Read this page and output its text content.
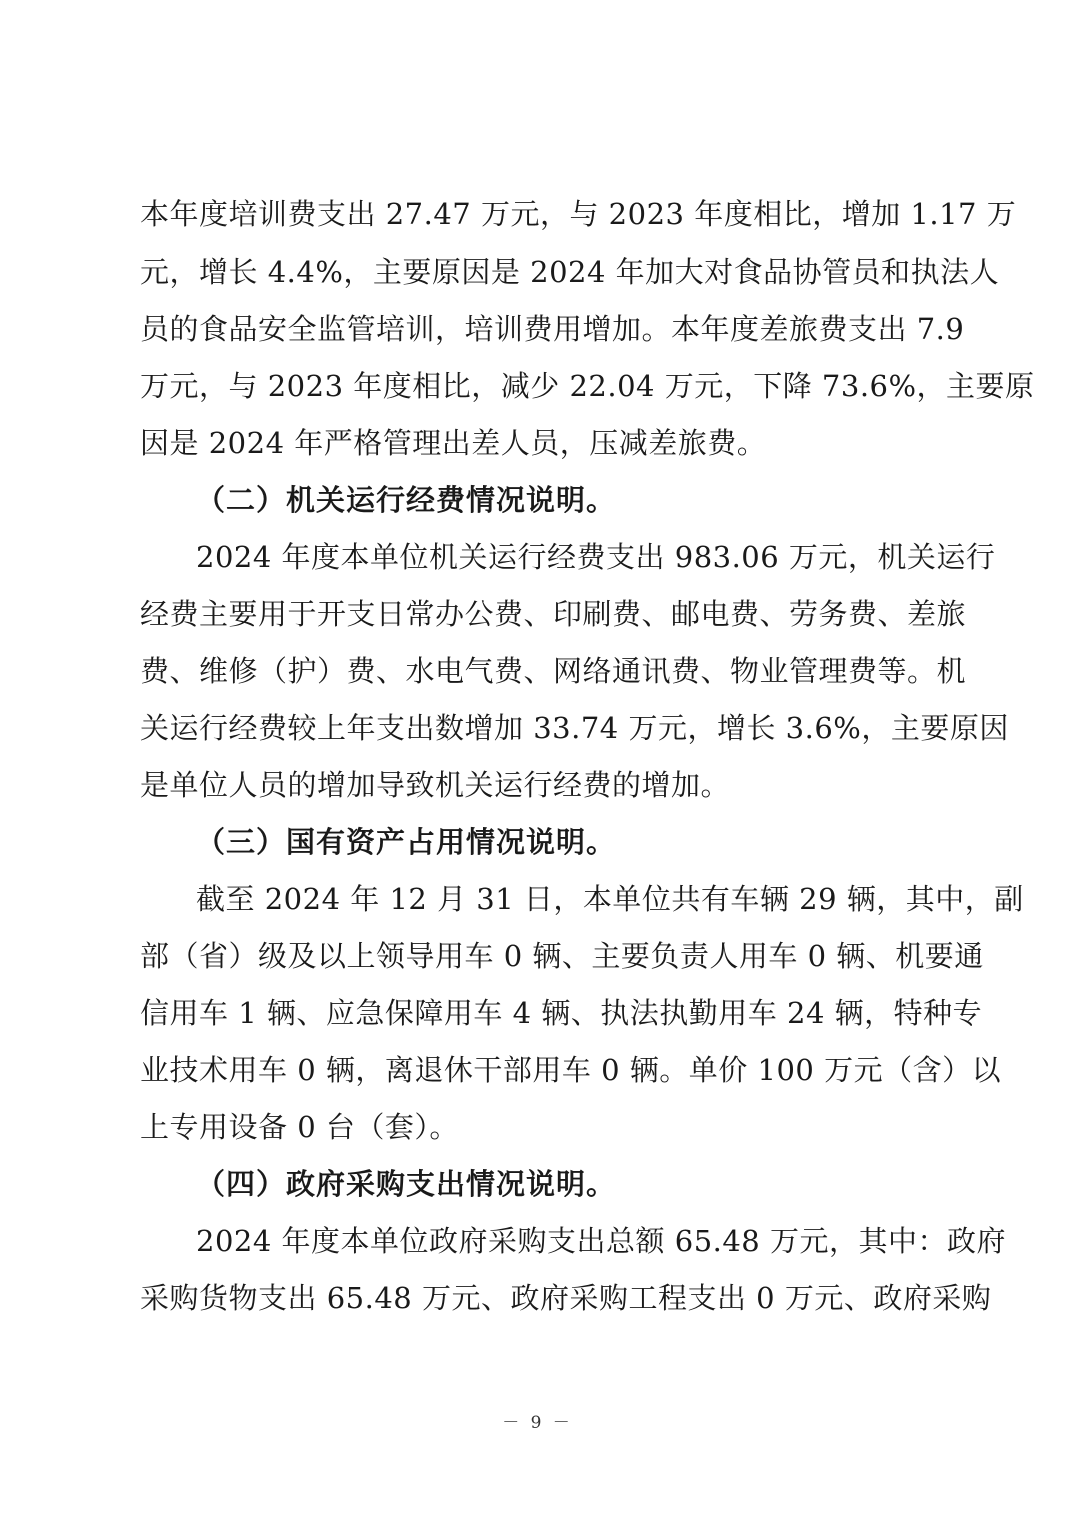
本年度培训费支出 27.47 万元，与 2023 年度相比，增加 1.17 万
元，增长 4.4%，主要原因是 2024 年加大对食品协管员和执法人
员的食品安全监管培训，培训费用增加。本年度差旅费支出 7.9
万元，与 2023 年度相比，减少 22.04 万元，下降 73.6%，主要原
因是 2024 年严格管理出差人员，压减差旅费。
（二）机关运行经费情况说明。
2024 年度本单位机关运行经费支出 983.06 万元，机关运行
经费主要用于开支日常办公费、印刷费、邮电费、劳务费、差旅
费、维修（护）费、水电气费、网络通讯费、物业管理费等。机
关运行经费较上年支出数增加 33.74 万元，增长 3.6%，主要原因
是单位人员的增加导致机关运行经费的增加。
（三）国有资产占用情况说明。
截至 2024 年 12 月 31 日，本单位共有车辆 29 辆，其中，副
部（省）级及以上领导用车 0 辆、主要负责人用车 0 辆、机要通
信用车 1 辆、应急保障用车 4 辆、执法执勤用车 24 辆，特种专
业技术用车 0 辆，离退休干部用车 0 辆。单价 100 万元（含）以
上专用设备 0 台（套）。
（四）政府采购支出情况说明。
2024 年度本单位政府采购支出总额 65.48 万元，其中：政府
采购货物支出 65.48 万元、政府采购工程支出 0 万元、政府采购
－ 9 －
